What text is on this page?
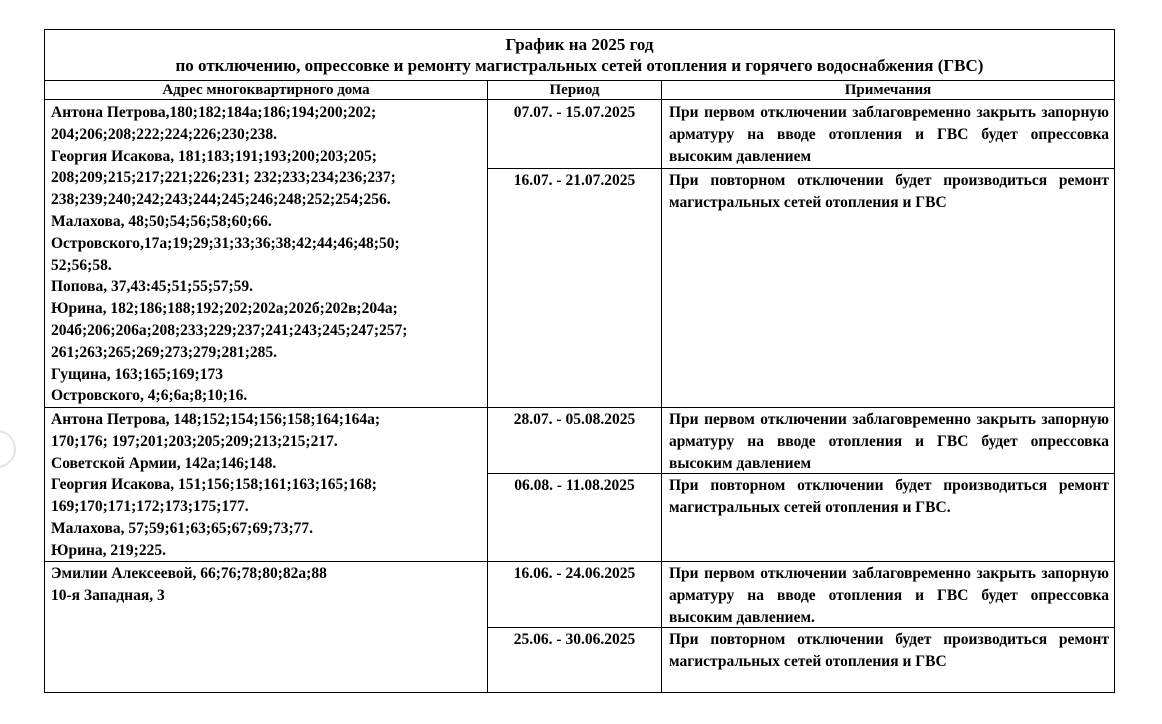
График на 2025 год
по отключению, опрессовке и ремонту магистральных сетей отопления и горячего водоснабжения (ГВС)
Адрес многоквартирного дома	Период	Примечания
Антона Петрова,180;182;184а;186;194;200;202;
204;206;208;222;224;226;230;238.
Георгия Исакова, 181;183;191;193;200;203;205;
208;209;215;217;221;226;231; 232;233;234;236;237;
238;239;240;242;243;244;245;246;248;252;254;256.
Малахова, 48;50;54;56;58;60;66.
Островского,17а;19;29;31;33;36;38;42;44;46;48;50;
52;56;58.
Попова, 37,43:45;51;55;57;59.
Юрина, 182;186;188;192;202;202а;202б;202в;204а;
204б;206;206а;208;233;229;237;241;243;245;247;257;
261;263;265;269;273;279;281;285.
Гущина, 163;165;169;173
Островского, 4;6;6а;8;10;16.
07.07. - 15.07.2025	При первом отключении заблаговременно закрыть запорную арматуру на вводе отопления и ГВС будет опрессовка высоким давлением
16.07. - 21.07.2025	При повторном отключении будет производиться ремонт магистральных сетей отопления и ГВС
Антона Петрова, 148;152;154;156;158;164;164а;
170;176; 197;201;203;205;209;213;215;217.
Советской Армии, 142а;146;148.
Георгия Исакова, 151;156;158;161;163;165;168;
169;170;171;172;173;175;177.
Малахова, 57;59;61;63;65;67;69;73;77.
Юрина, 219;225.
28.07. - 05.08.2025	При первом отключении заблаговременно закрыть запорную арматуру на вводе отопления и ГВС будет опрессовка высоким давлением
06.08. - 11.08.2025	При повторном отключении будет производиться ремонт магистральных сетей отопления и ГВС.
Эмилии Алексеевой, 66;76;78;80;82а;88
10-я Западная, 3
16.06. - 24.06.2025	При первом отключении заблаговременно закрыть запорную арматуру на вводе отопления и ГВС будет опрессовка высоким давлением.
25.06. - 30.06.2025	При повторном отключении будет производиться ремонт магистральных сетей отопления и ГВС
